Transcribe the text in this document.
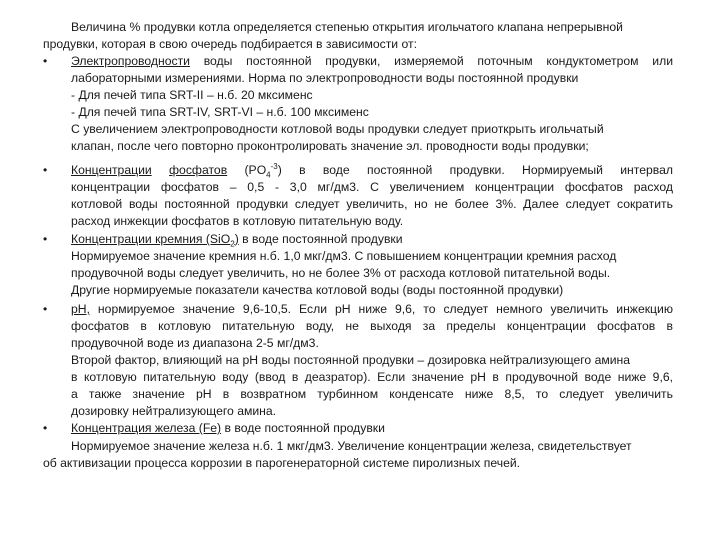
Величина % продувки котла определяется степенью открытия игольчатого клапана непрерывной
продувки, которая в свою очередь подбирается в зависимости от:
•	Электропроводности воды постоянной продувки, измеряемой поточным кондуктометром или
лабораторными измерениями. Норма по электропроводности воды постоянной продувки
- Для печей типа SRT-II – н.б. 20 мксименс
- Для печей типа SRT-IV, SRT-VI – н.б. 100 мксименс
С увеличением электропроводности котловой воды продувки следует приоткрыть игольчатый
клапан, после чего повторно проконтролировать значение эл. проводности воды продувки;
•	Концентрации фосфатов $(PO_4^{-3})$ в воде постоянной продувки. Нормируемый интервал
концентрации фосфатов – 0,5 - 3,0 мг/дм3. С увеличением концентрации фосфатов расход
котловой воды постоянной продувки следует увеличить, но не более 3%. Далее следует сократить
расход инжекции фосфатов в котловую питательную воду.
•	Концентрации кремния (SiO$_2$) в воде постоянной продувки
Нормируемое значение кремния н.б. 1,0 мкг/дм3. С повышением концентрации кремния расход
продувочной воды следует увеличить, но не более 3% от расхода котловой питательной воды.
Другие нормируемые показатели качества котловой воды (воды постоянной продувки)
•	pH, нормируемое значение 9,6-10,5. Если pH ниже 9,6, то следует немного увеличить инжекцию
фосфатов в котловую питательную воду, не выходя за пределы концентрации фосфатов в
продувочной воде из диапазона 2-5 мг/дм3.
Второй фактор, влияющий на pH воды постоянной продувки – дозировка нейтрализующего амина
в котловую питательную воду (ввод в деазратор). Если значение pH в продувочной воде ниже 9,6,
а также значение pH в возвратном турбинном конденсате ниже 8,5, то следует увеличить
дозировку нейтрализующего амина.
•	Концентрация железа (Fe) в воде постоянной продувки
Нормируемое значение железа н.б. 1 мкг/дм3. Увеличение концентрации железа, свидетельствует
об активизации процесса коррозии в парогенераторной системе пиролизных печей.
